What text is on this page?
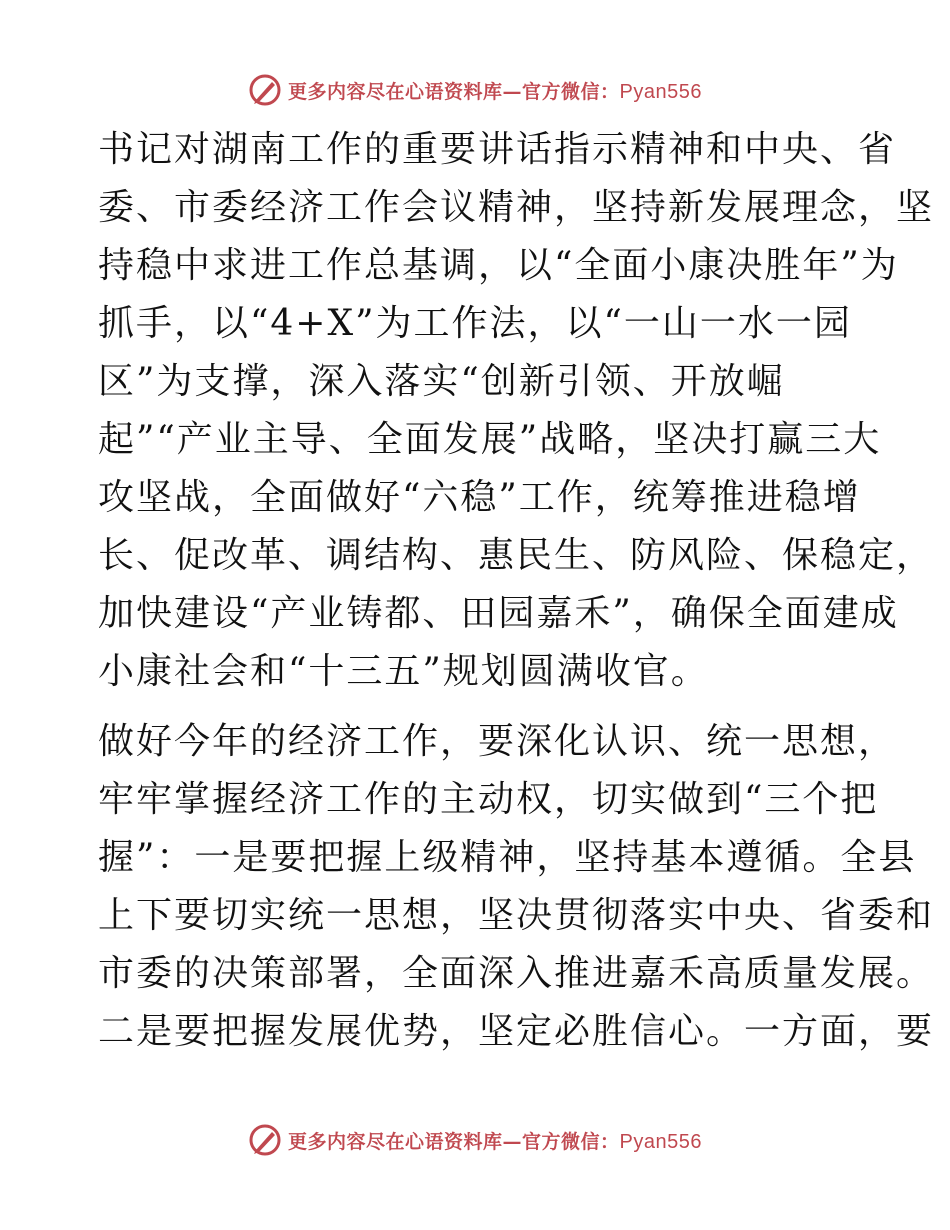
更多内容尽在心语资料库—官方微信：Pyan556
书记对湖南工作的重要讲话指示精神和中央、省
委、市委经济工作会议精神，坚持新发展理念，坚
持稳中求进工作总基调，以“全面小康决胜年”为
抓手，以“4+X”为工作法，以“一山一水一园
区”为支撑，深入落实“创新引领、开放崛
起”“产业主导、全面发展”战略，坚决打赢三大
攻坚战，全面做好“六稳”工作，统筹推进稳增
长、促改革、调结构、惠民生、防风险、保稳定，
加快建设“产业铸都、田园嘉禾”，确保全面建成
小康社会和“十三五”规划圆满收官。
做好今年的经济工作，要深化认识、统一思想，
牢牢掌握经济工作的主动权，切实做到“三个把
握”：一是要把握上级精神，坚持基本遵循。全县
上下要切实统一思想，坚决贯彻落实中央、省委和
市委的决策部署，全面深入推进嘉禾高质量发展。
二是要把握发展优势，坚定必胜信心。一方面，要
更多内容尽在心语资料库—官方微信：Pyan556
